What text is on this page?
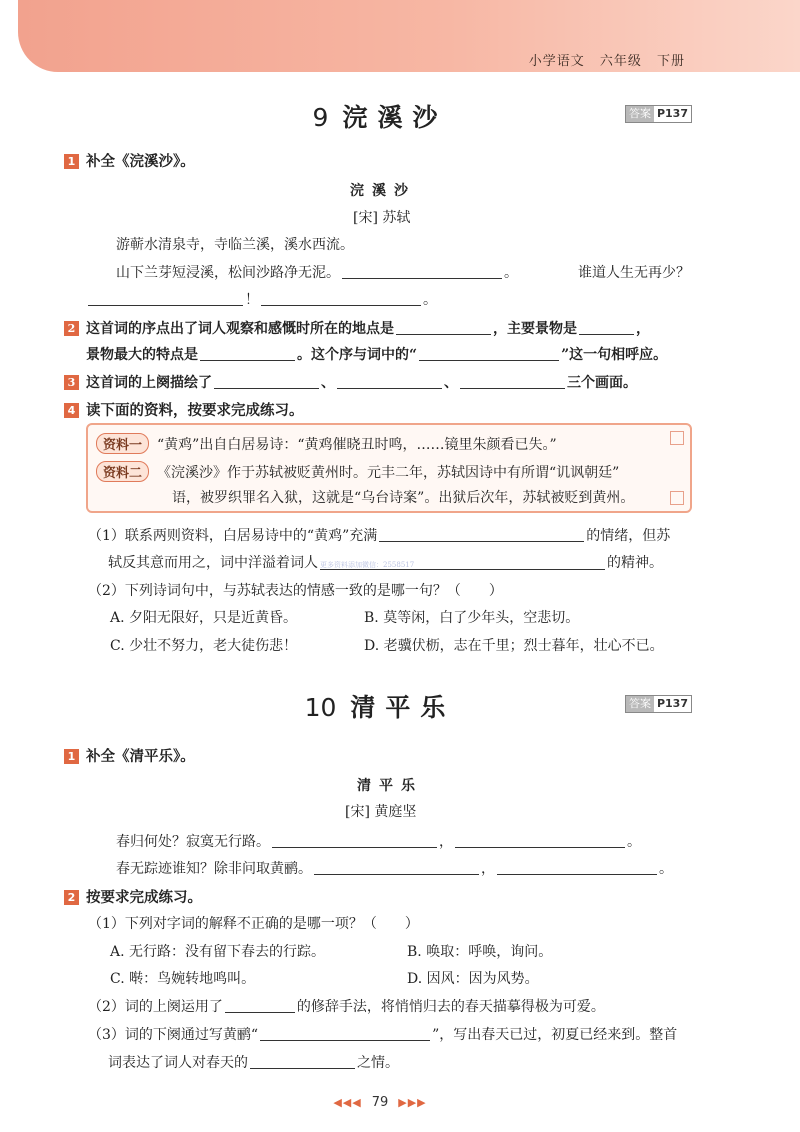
小学语文 六年级 下册
9 浣溪沙	答案 P137
1 补全《浣溪沙》。
浣溪沙
[宋] 苏轼
游蕲水清泉寺，寺临兰溪，溪水西流。
山下兰芽短浸溪，松间沙路净无泥。	。	谁道人生无再少？
！	。
2 这首词的序点出了词人观察和感慨时所在的地点是	，主要景物是	，
景物最大的特点是	。这个序与词中的“	”这一句相呼应。
3 这首词的上阕描绘了	、	、	三个画面。
4 读下面的资料，按要求完成练习。
资料一 “黄鸡”出自白居易诗：“黄鸡催晓丑时鸣，……镜里朱颜看已失。”
资料二 《浣溪沙》作于苏轼被贬黄州时。元丰二年，苏轼因诗中有所谓“讥讽朝廷”
语，被罗织罪名入狱，这就是“乌台诗案”。出狱后次年，苏轼被贬到黄州。
（1）联系两则资料，白居易诗中的“黄鸡”充满	的情绪，但苏
轼反其意而用之，词中洋溢着词人 更多资料添加微信：2558517	的精神。
（2）下列诗词句中，与苏轼表达的情感一致的是哪一句？（　　）
A. 夕阳无限好，只是近黄昏。	B. 莫等闲，白了少年头，空悲切。
C. 少壮不努力，老大徒伤悲！	D. 老骥伏枥，志在千里；烈士暮年，壮心不已。
10 清平乐	答案 P137
1 补全《清平乐》。
清平乐
[宋] 黄庭坚
春归何处？寂寞无行路。	，	。
春无踪迹谁知？除非问取黄鹂。	，	。
2 按要求完成练习。
（1）下列对字词的解释不正确的是哪一项？（　　）
A. 无行路：没有留下春去的行踪。	B. 唤取：呼唤，询问。
C. 啭：鸟婉转地鸣叫。	D. 因风：因为风势。
（2）词的上阕运用了	的修辞手法，将悄悄归去的春天描摹得极为可爱。
（3）词的下阕通过写黄鹂“	”，写出春天已过，初夏已经来到。整首
词表达了词人对春天的	之情。
◀◀◀ 79 ▶▶▶
